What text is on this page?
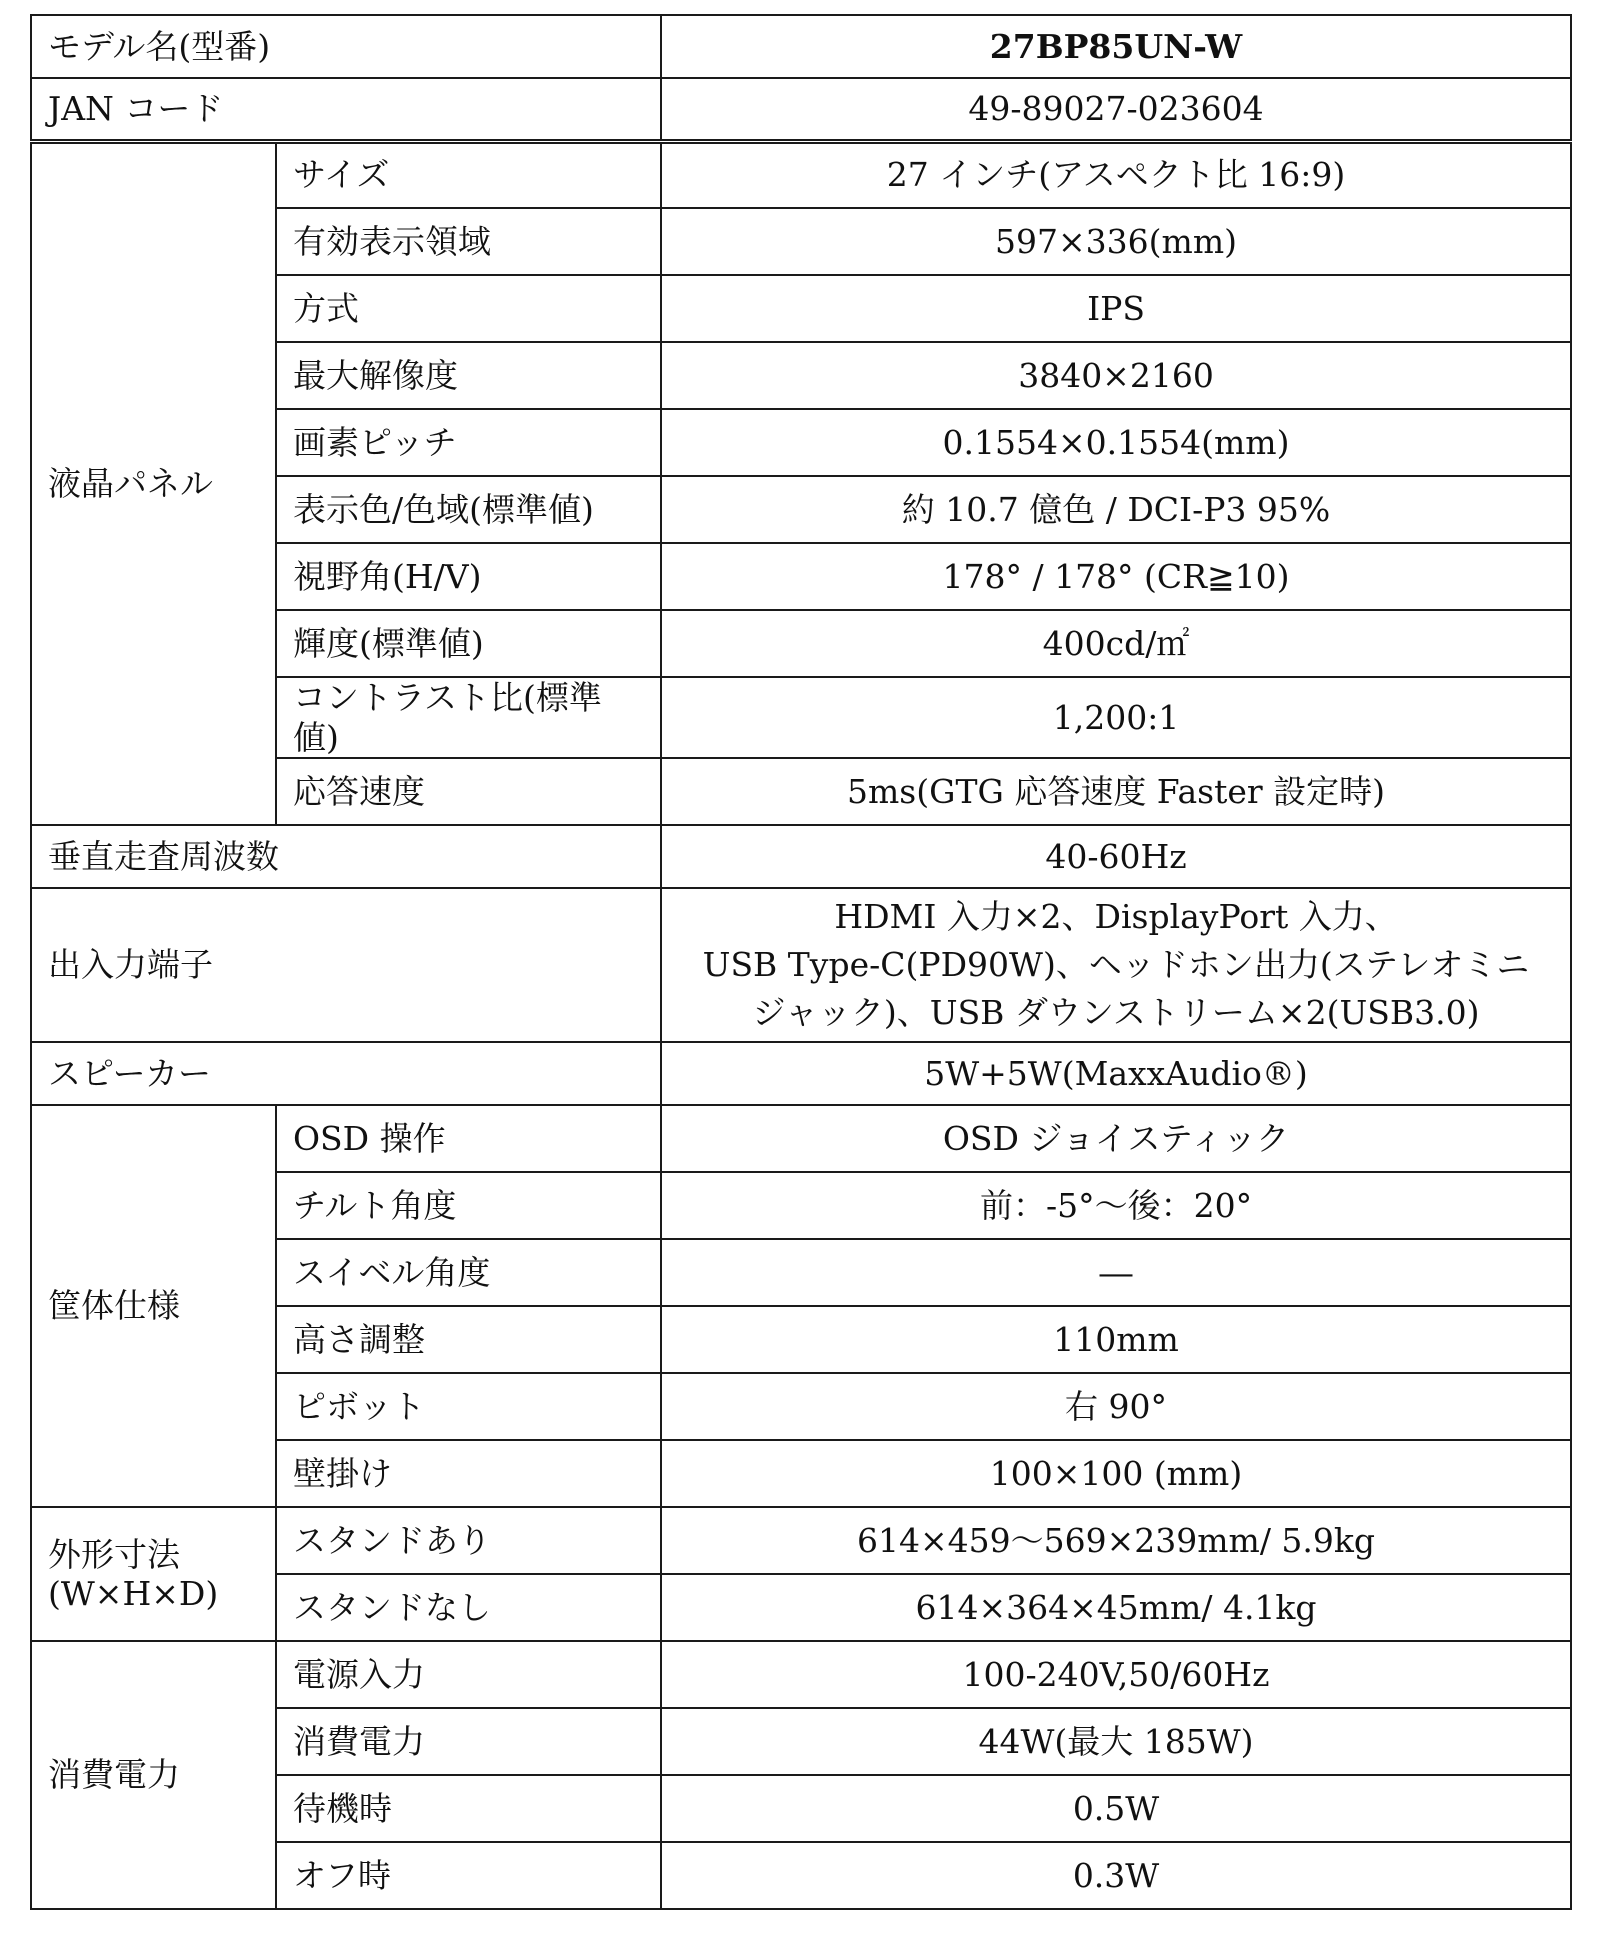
モデル名(型番)		27BP85UN-W
JAN コード		49-89027-023604
液晶パネル	サイズ	27 インチ(アスペクト比 16:9)
	有効表示領域	597×336(mm)
	方式	IPS
	最大解像度	3840×2160
	画素ピッチ	0.1554×0.1554(mm)
	表示色/色域(標準値)	約 10.7 億色 / DCI-P3 95%
	視野角(H/V)	178° / 178° (CR≧10)
	輝度(標準値)	400cd/㎡
	コントラスト比(標準値)	1,200:1
	応答速度	5ms(GTG 応答速度 Faster 設定時)
垂直走査周波数		40-60Hz
出入力端子		HDMI 入力×2、DisplayPort 入力、
USB Type-C(PD90W)、ヘッドホン出力(ステレオミニ
ジャック)、USB ダウンストリーム×2(USB3.0)

スピーカー		5W+5W(MaxxAudio®)
筐体仕様	OSD 操作	OSD ジョイスティック
	チルト角度	前：-5°～後：20°
	スイベル角度	―
	高さ調整	110mm
	ピボット	右 90°
	壁掛け	100×100 (mm)

外形寸法
(W×H×D)	スタンドあり	614×459～569×239mm/ 5.9kg
	スタンドなし	614×364×45mm/ 4.1kg
消費電力	電源入力	100-240V,50/60Hz
	消費電力	44W(最大 185W)
	待機時	0.5W
	オフ時	0.3W
